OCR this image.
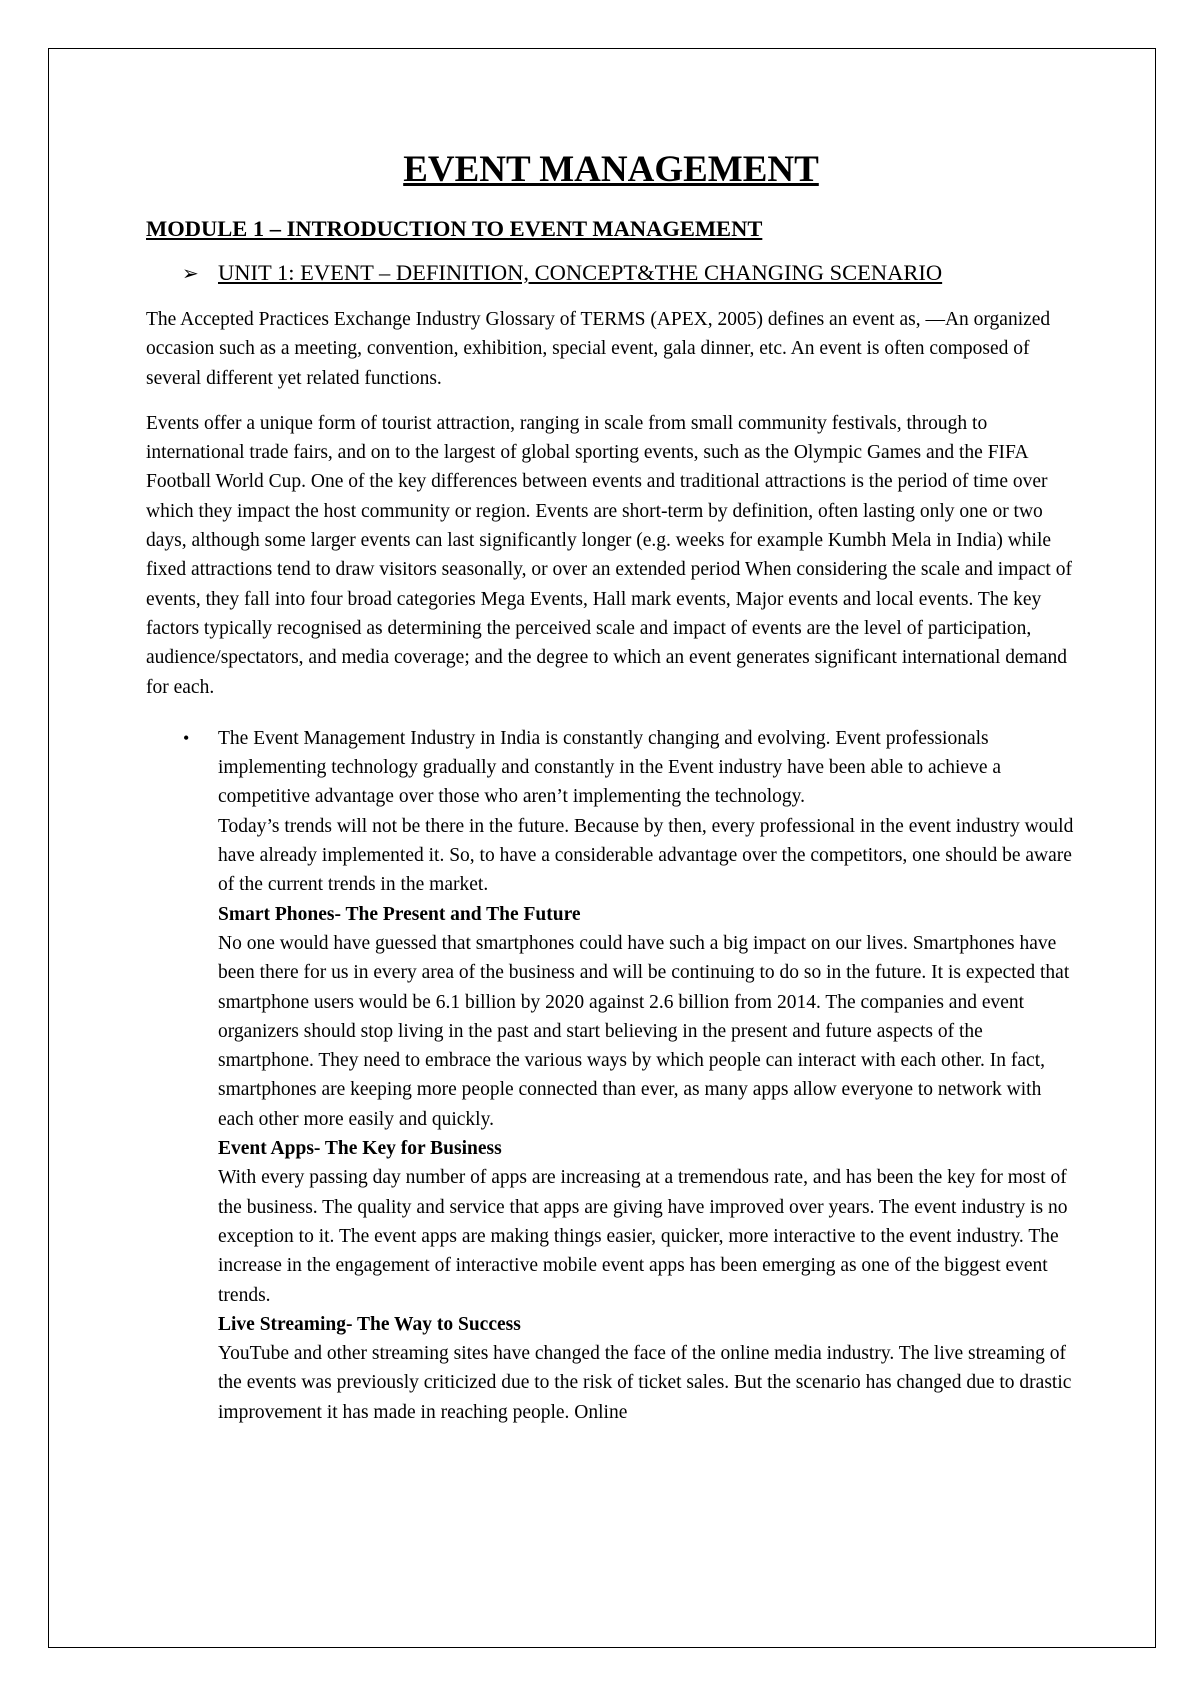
EVENT MANAGEMENT
MODULE 1 – INTRODUCTION TO EVENT MANAGEMENT
➢ UNIT 1: EVENT – DEFINITION, CONCEPT&THE CHANGING SCENARIO

The Accepted Practices Exchange Industry Glossary of TERMS (APEX, 2005) defines an event as, ―An organized occasion such as a meeting, convention, exhibition, special event, gala dinner, etc. An event is often composed of several different yet related functions.

Events offer a unique form of tourist attraction, ranging in scale from small community festivals, through to international trade fairs, and on to the largest of global sporting events, such as the Olympic Games and the FIFA Football World Cup. One of the key differences between events and traditional attractions is the period of time over which they impact the host community or region. Events are short-term by definition, often lasting only one or two days, although some larger events can last significantly longer (e.g. weeks for example Kumbh Mela in India) while fixed attractions tend to draw visitors seasonally, or over an extended period When considering the scale and impact of events, they fall into four broad categories Mega Events, Hall mark events, Major events and local events. The key factors typically recognised as determining the perceived scale and impact of events are the level of participation, audience/spectators, and media coverage; and the degree to which an event generates significant international demand for each.

• The Event Management Industry in India is constantly changing and evolving. Event professionals implementing technology gradually and constantly in the Event industry have been able to achieve a competitive advantage over those who aren’t implementing the technology.

Today’s trends will not be there in the future. Because by then, every professional in the event industry would have already implemented it. So, to have a considerable advantage over the competitors, one should be aware of the current trends in the market.

Smart Phones- The Present and The Future

No one would have guessed that smartphones could have such a big impact on our lives. Smartphones have been there for us in every area of the business and will be continuing to do so in the future. It is expected that smartphone users would be 6.1 billion by 2020 against 2.6 billion from 2014. The companies and event organizers should stop living in the past and start believing in the present and future aspects of the smartphone. They need to embrace the various ways by which people can interact with each other. In fact, smartphones are keeping more people connected than ever, as many apps allow everyone to network with each other more easily and quickly.

Event Apps- The Key for Business

With every passing day number of apps are increasing at a tremendous rate, and has been the key for most of the business. The quality and service that apps are giving have improved over years. The event industry is no exception to it. The event apps are making things easier, quicker, more interactive to the event industry. The increase in the engagement of interactive mobile event apps has been emerging as one of the biggest event trends.

Live Streaming- The Way to Success

YouTube and other streaming sites have changed the face of the online media industry. The live streaming of the events was previously criticized due to the risk of ticket sales. But the scenario has changed due to drastic improvement it has made in reaching people. Online
